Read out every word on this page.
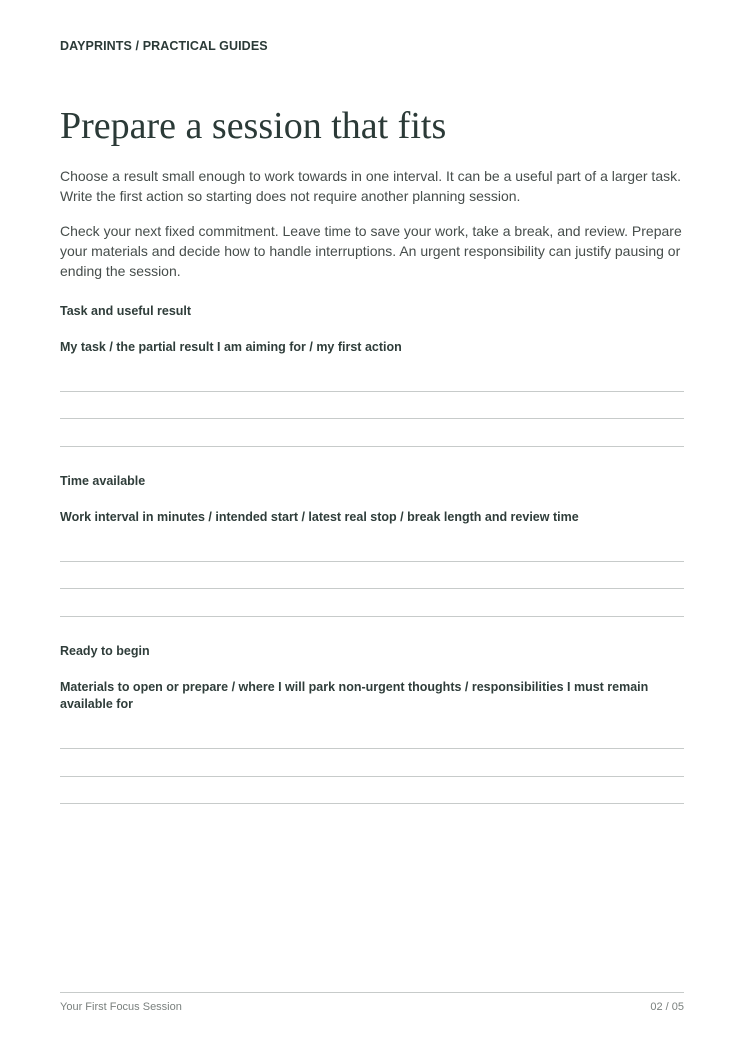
DAYPRINTS / PRACTICAL GUIDES
Prepare a session that fits

Choose a result small enough to work towards in one interval. It can be a useful part of a larger task. Write the first action so starting does not require another planning session.

Check your next fixed commitment. Leave time to save your work, take a break, and review. Prepare your materials and decide how to handle interruptions. An urgent responsibility can justify pausing or ending the session.

Task and useful result
My task / the partial result I am aiming for / my first action
Time available
Work interval in minutes / intended start / latest real stop / break length and review time
Ready to begin
Materials to open or prepare / where I will park non-urgent thoughts / responsibilities I must remain available for
Your First Focus Session	02 / 05
